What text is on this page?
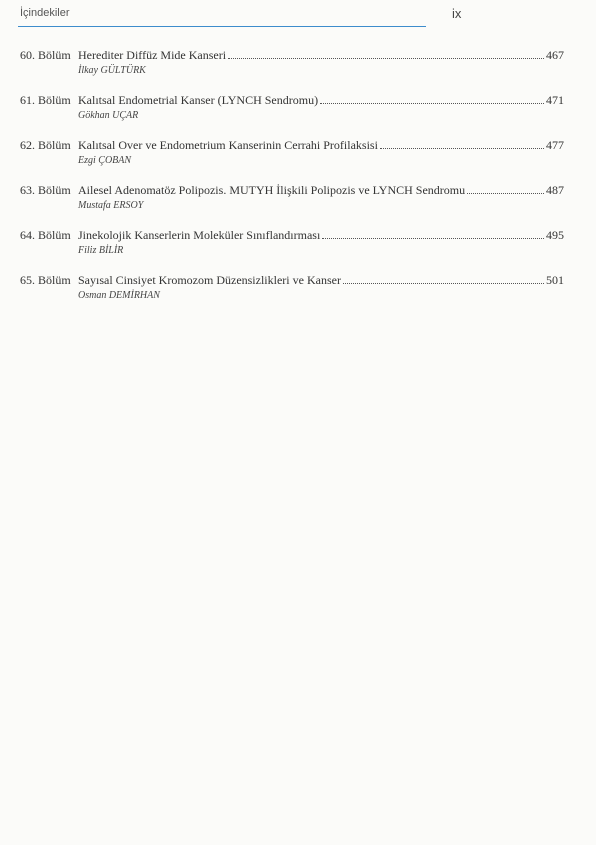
İçindekiler	ix
60. Bölüm Herediter Diffüz Mide Kanseri	467
İlkay GÜLTÜRK
61. Bölüm Kalıtsal Endometrial Kanser (LYNCH Sendromu)	471
Gökhan UÇAR
62. Bölüm Kalıtsal Over ve Endometrium Kanserinin Cerrahi Profilaksisi	477
Ezgi ÇOBAN
63. Bölüm Ailesel Adenomatöz Polipozis. MUTYH İlişkili Polipozis ve LYNCH Sendromu	487
Mustafa ERSOY
64. Bölüm Jinekolojik Kanserlerin Moleküler Sınıflandırması	495
Filiz BİLİR
65. Bölüm Sayısal Cinsiyet Kromozom Düzensizlikleri ve Kanser	501
Osman DEMİRHAN
